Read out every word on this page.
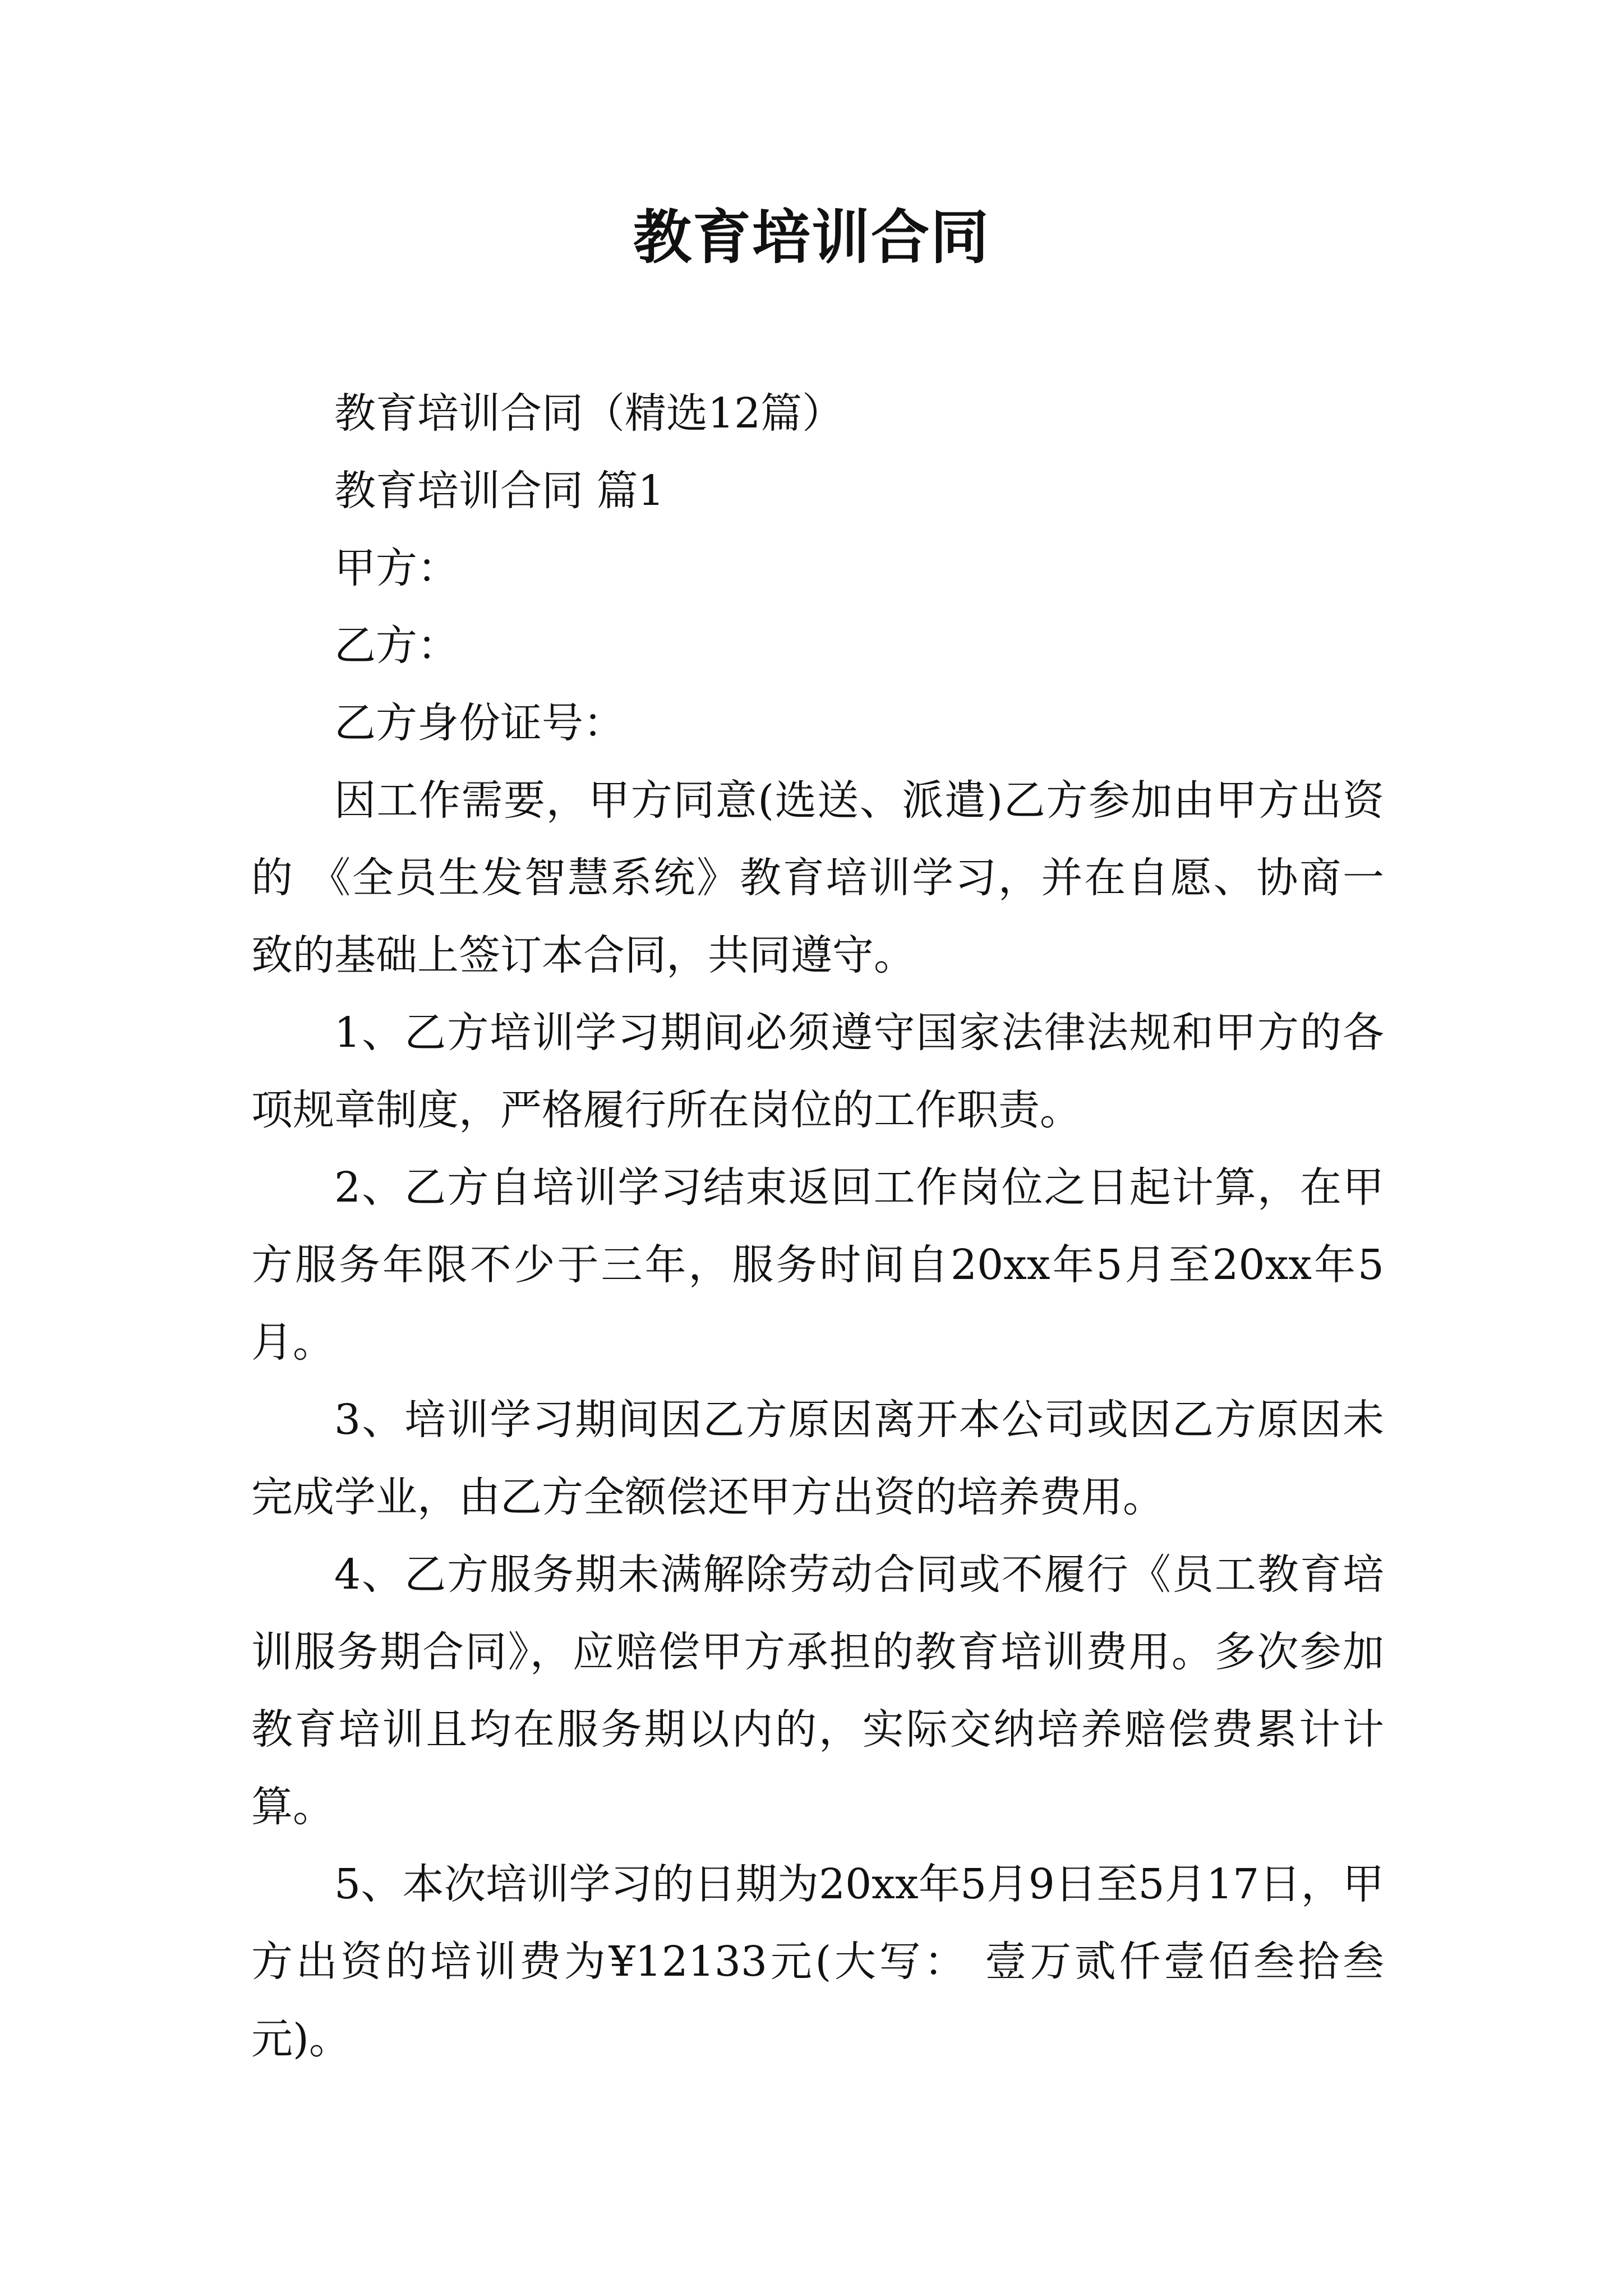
教育培训合同

教育培训合同（精选12篇）

教育培训合同 篇1

甲方：

乙方：

乙方身份证号：

因工作需要，甲方同意(选送、派遣)乙方参加由甲方出资的 《全员生发智慧系统》教育培训学习，并在自愿、协商一致的基础上签订本合同，共同遵守。

1、乙方培训学习期间必须遵守国家法律法规和甲方的各项规章制度，严格履行所在岗位的工作职责。

2、乙方自培训学习结束返回工作岗位之日起计算，在甲方服务年限不少于三年，服务时间自20xx年5月至20xx年5月。

3、培训学习期间因乙方原因离开本公司或因乙方原因未完成学业，由乙方全额偿还甲方出资的培养费用。

4、乙方服务期未满解除劳动合同或不履行《员工教育培训服务期合同》，应赔偿甲方承担的教育培训费用。多次参加教育培训且均在服务期以内的，实际交纳培养赔偿费累计计算。

5、本次培训学习的日期为20xx年5月9日至5月17日，甲方出资的培训费为¥12133元(大写： 壹万贰仟壹佰叁拾叁元)。
